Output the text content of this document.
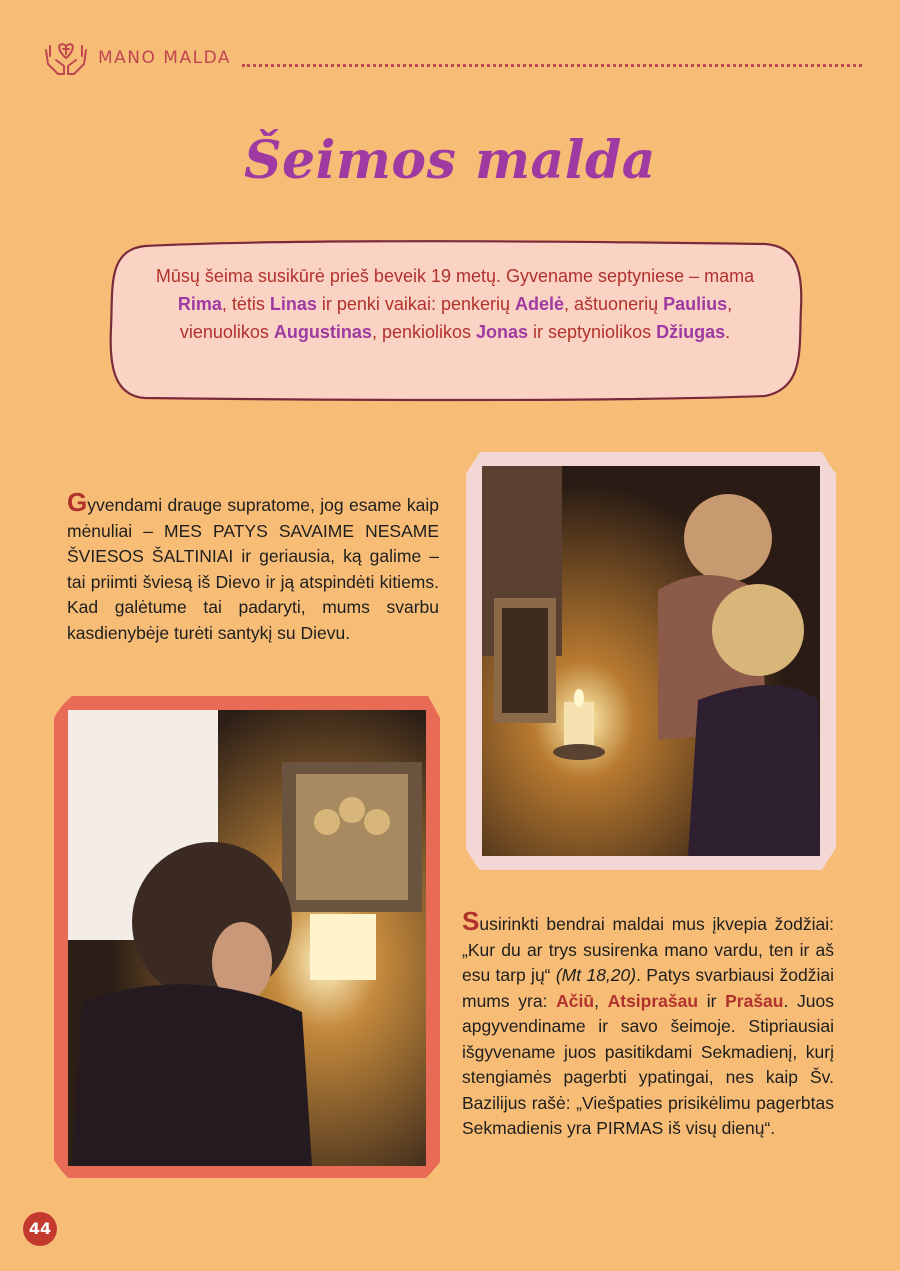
MANO MALDA
Šeimos malda
Mūsų šeima susikūrė prieš beveik 19 metų. Gyvename septyniese – mama Rima, tėtis Linas ir penki vaikai: penkerių Adelė, aštuonerių Paulius, vienuolikos Augustinas, penkiolikos Jonas ir septyniolikos Džiugas.
Gyvendami drauge supratome, jog esame kaip mėnuliai – MES PATYS SAVAIME NESAME ŠVIESOS ŠALTINIAI ir geriausia, ką galime – tai priimti šviesą iš Dievo ir ją atspindėti kitiems. Kad galėtume tai padaryti, mums svarbu kasdienybėje turėti santykį su Dievu.
Susirinkti bendrai maldai mus įkvepia žodžiai: „Kur du ar trys susirenka mano vardu, ten ir aš esu tarp jų“ (Mt 18,20). Patys svarbiausi žodžiai mums yra: Ačiū, Atsiprašau ir Prašau. Juos apgyvendiname ir savo šeimoje. Stipriausiai išgyvename juos pasitikdami Sekmadienį, kurį stengiamės pagerbti ypatingai, nes kaip Šv. Bazilijus rašė: „Viešpaties prisikėlimu pagerbtas Sekmadienis yra PIRMAS iš visų dienų“.
44
